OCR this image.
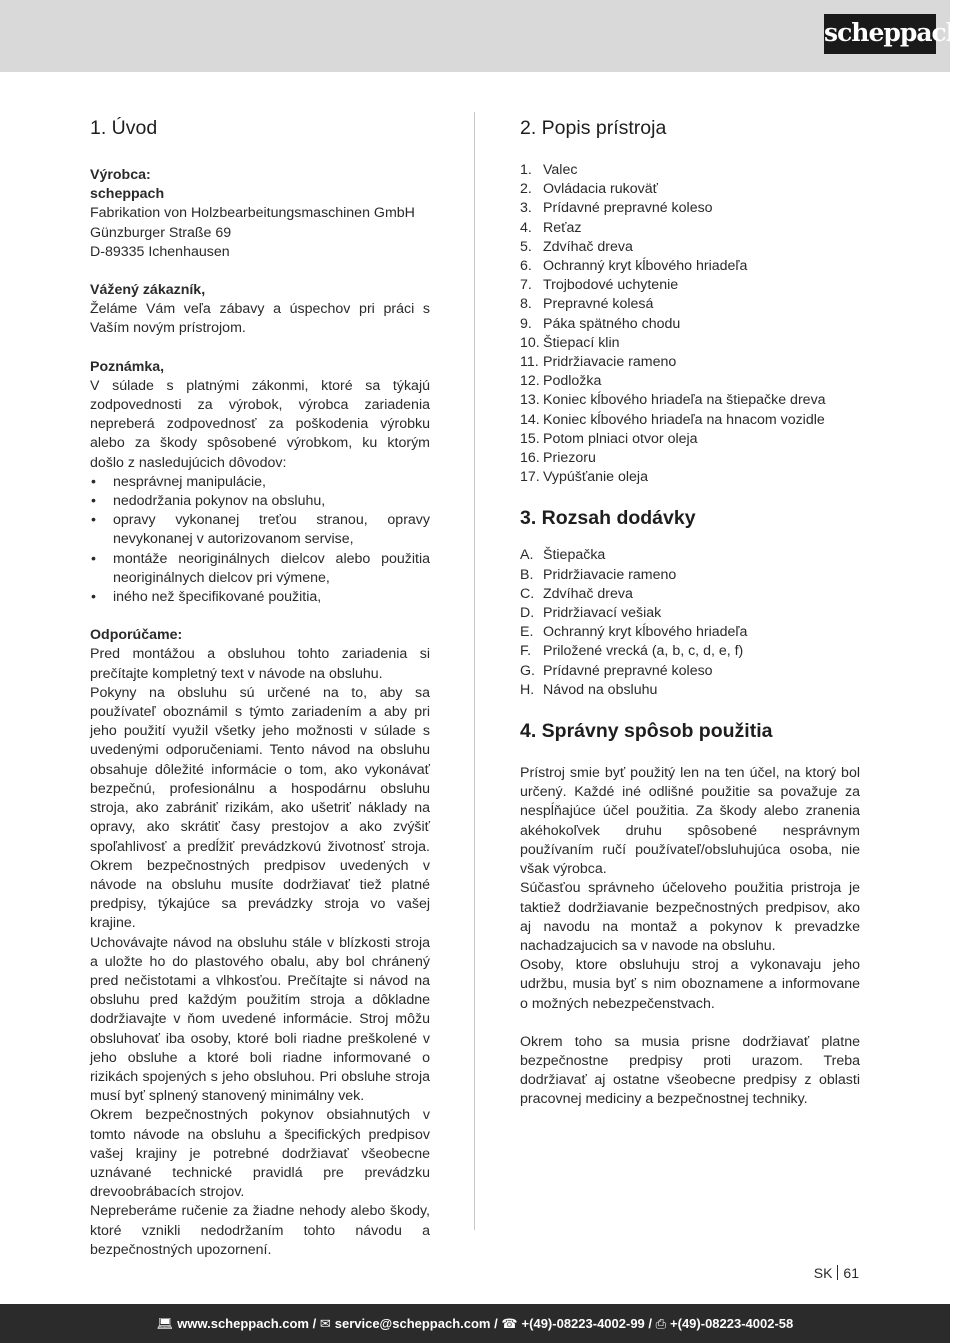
scheppach
1. Úvod

Výrobca:

scheppach

Fabrikation von Holzbearbeitungsmaschinen GmbH

Günzburger Straße 69

D-89335 Ichenhausen

Vážený zákazník,

Želáme Vám veľa zábavy a úspechov pri práci s Vaším novým prístrojom.

Poznámka,

V súlade s platnými zákonmi, ktoré sa týkajú zodpovednosti za výrobok, výrobca zariadenia nepreberá zodpovednosť za poškodenia výrobku alebo za škody spôsobené výrobkom, ku ktorým došlo z nasledujúcich dôvodov:

• nesprávnej manipulácie,
• nedodržania pokynov na obsluhu,
• opravy vykonanej treťou stranou, opravy nevykonanej v autorizovanom servise,
• montáže neoriginálnych dielcov alebo použitia neoriginálnych dielcov pri výmene,
• iného než špecifikované použitia,

Odporúčame:

Pred montážou a obsluhou tohto zariadenia si prečítajte kompletný text v návode na obsluhu.

Pokyny na obsluhu sú určené na to, aby sa používateľ oboznámil s týmto zariadením a aby pri jeho použití využil všetky jeho možnosti v súlade s uvedenými odporučeniami. Tento návod na obsluhu obsahuje dôležité informácie o tom, ako vykonávať bezpečnú, profesionálnu a hospodárnu obsluhu stroja, ako zabrániť rizikám, ako ušetriť náklady na opravy, ako skrátiť časy prestojov a ako zvýšiť spoľahlivosť a predĺžiť prevádzkovú životnosť stroja. Okrem bezpečnostných predpisov uvedených v návode na obsluhu musíte dodržiavať tiež platné predpisy, týkajúce sa prevádzky stroja vo vašej krajine.

Uchovávajte návod na obsluhu stále v blízkosti stroja a uložte ho do plastového obalu, aby bol chránený pred nečistotami a vlhkosťou. Prečítajte si návod na obsluhu pred každým použitím stroja a dôkladne dodržiavajte v ňom uvedené informácie. Stroj môžu obsluhovať iba osoby, ktoré boli riadne preškolené v jeho obsluhe a ktoré boli riadne informované o rizikách spojených s jeho obsluhou. Pri obsluhe stroja musí byť splnený stanovený minimálny vek.

Okrem bezpečnostných pokynov obsiahnutých v tomto návode na obsluhu a špecifických predpisov vašej krajiny je potrebné dodržiavať všeobecne uznávané technické pravidlá pre prevádzku drevoobrábacích strojov.

Nepreberáme ručenie za žiadne nehody alebo škody, ktoré vznikli nedodržaním tohto návodu a bezpečnostných upozornení.

2. Popis prístroja
1. Valec
2. Ovládacia rukoväť
3. Prídavné prepravné koleso
4. Reťaz
5. Zdvíhač dreva
6. Ochranný kryt kĺbového hriadeľa
7. Trojbodové uchytenie
8. Prepravné kolesá
9. Páka spätného chodu
10. Štiepací klin
11. Pridržiavacie rameno
12. Podložka
13. Koniec kĺbového hriadeľa na štiepačke dreva
14. Koniec kĺbového hriadeľa na hnacom vozidle
15. Potom plniaci otvor oleja
16. Priezoru
17. Vypúšťanie oleja
3. Rozsah dodávky
A. Štiepačka
B. Pridržiavacie rameno
C. Zdvíhač dreva
D. Pridržiavací vešiak
E. Ochranný kryt kĺbového hriadeľa
F. Priložené vrecká (a, b, c, d, e, f)
G. Prídavné prepravné koleso
H. Návod na obsluhu
4. Správny spôsob použitia

Prístroj smie byť použitý len na ten účel, na ktorý bol určený. Každé iné odlišné použitie sa považuje za nespĺňajúce účel použitia. Za škody alebo zranenia akéhokoľvek druhu spôsobené nesprávnym používaním ručí používateľ/obsluhujúca osoba, nie však výrobca.

Súčasťou správneho účeloveho použitia pristroja je taktiež dodržiavanie bezpečnostných predpisov, ako aj navodu na montaž a pokynov k prevadzke nachadzajucich sa v navode na obsluhu.

Osoby, ktore obsluhuju stroj a vykonavaju jeho udržbu, musia byť s nim oboznamene a informovane o možných nebezpečenstvach.

Okrem toho sa musia prisne dodržiavať platne bezpečnostne predpisy proti urazom. Treba dodržiavať aj ostatne všeobecne predpisy z oblasti pracovnej mediciny a bezpečnostnej techniky.

SK 61
💻︎ www.scheppach.com / ✉︎ service@scheppach.com / ☎︎ +(49)-08223-4002-99 / ⎙ +(49)-08223-4002-58
